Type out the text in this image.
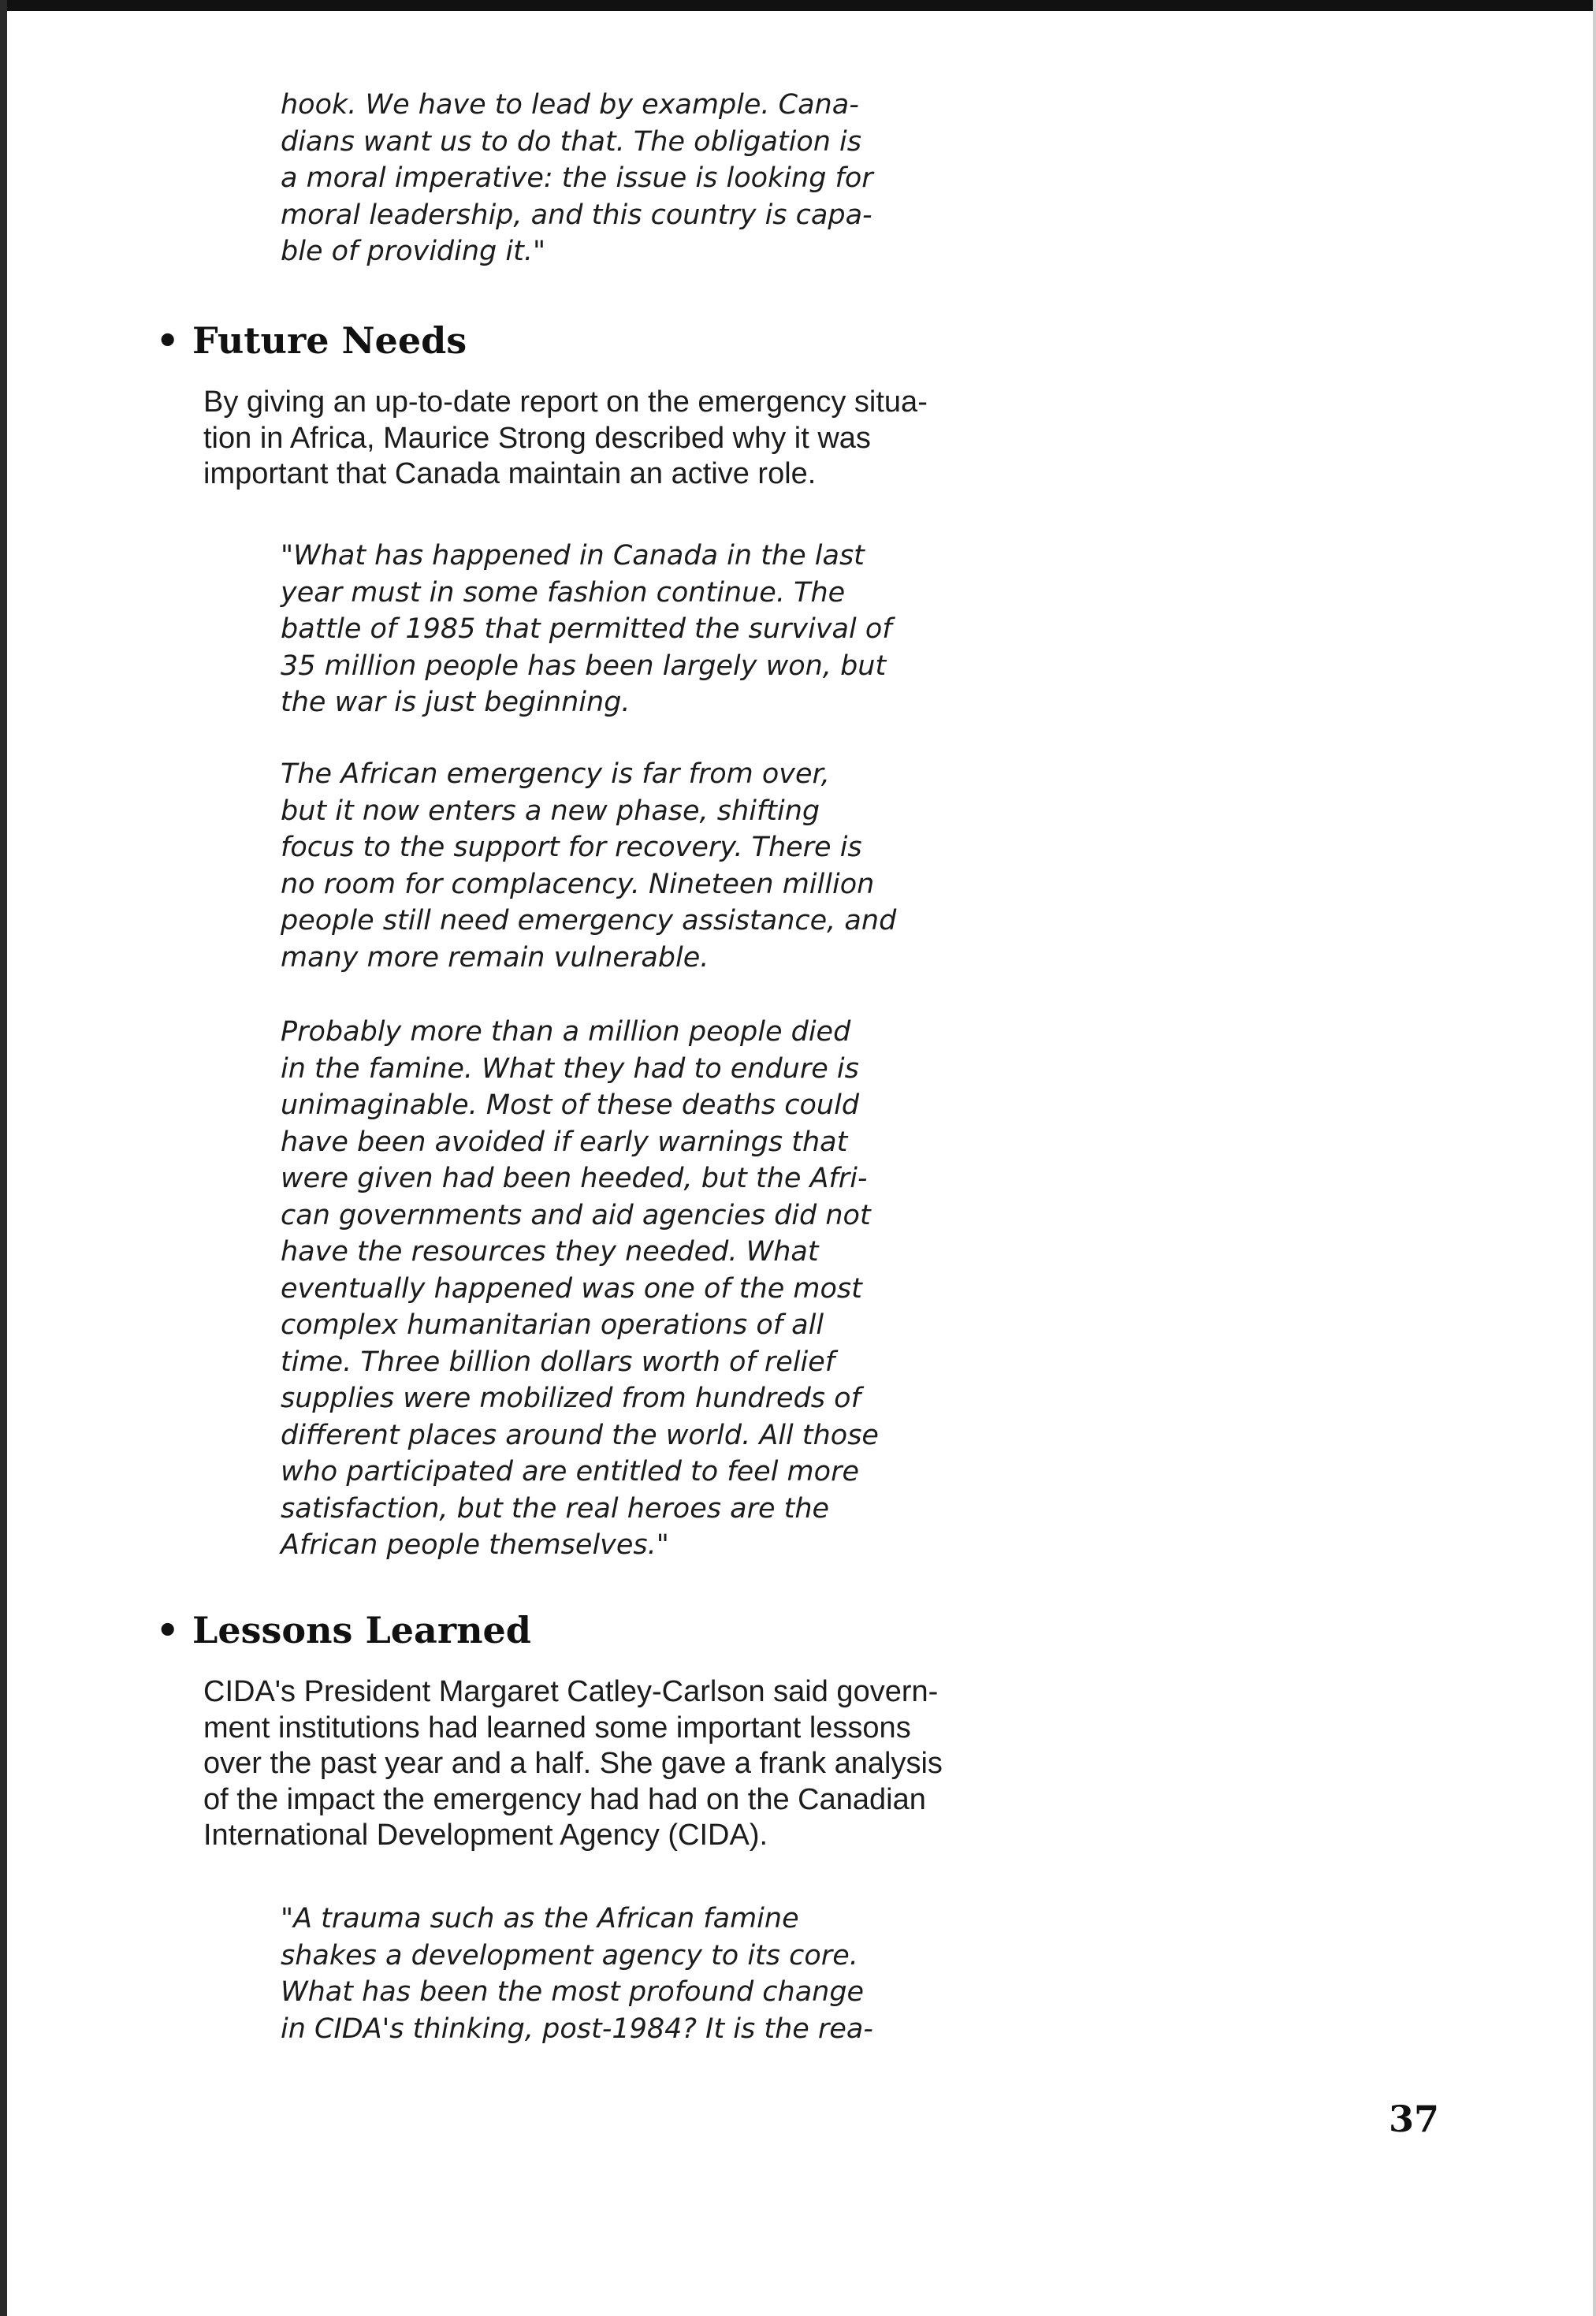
hook. We have to lead by example. Cana-
dians want us to do that. The obligation is
a moral imperative: the issue is looking for
moral leadership, and this country is capa-
ble of providing it."

• Future Needs

By giving an up-to-date report on the emergency situa-
tion in Africa, Maurice Strong described why it was
important that Canada maintain an active role.

"What has happened in Canada in the last
year must in some fashion continue. The
battle of 1985 that permitted the survival of
35 million people has been largely won, but
the war is just beginning.

The African emergency is far from over,
but it now enters a new phase, shifting
focus to the support for recovery. There is
no room for complacency. Nineteen million
people still need emergency assistance, and
many more remain vulnerable.

Probably more than a million people died
in the famine. What they had to endure is
unimaginable. Most of these deaths could
have been avoided if early warnings that
were given had been heeded, but the Afri-
can governments and aid agencies did not
have the resources they needed. What
eventually happened was one of the most
complex humanitarian operations of all
time. Three billion dollars worth of relief
supplies were mobilized from hundreds of
different places around the world. All those
who participated are entitled to feel more
satisfaction, but the real heroes are the
African people themselves."

• Lessons Learned

CIDA's President Margaret Catley-Carlson said govern-
ment institutions had learned some important lessons
over the past year and a half. She gave a frank analysis
of the impact the emergency had had on the Canadian
International Development Agency (CIDA).

"A trauma such as the African famine
shakes a development agency to its core.
What has been the most profound change
in CIDA's thinking, post-1984? It is the rea-

37
